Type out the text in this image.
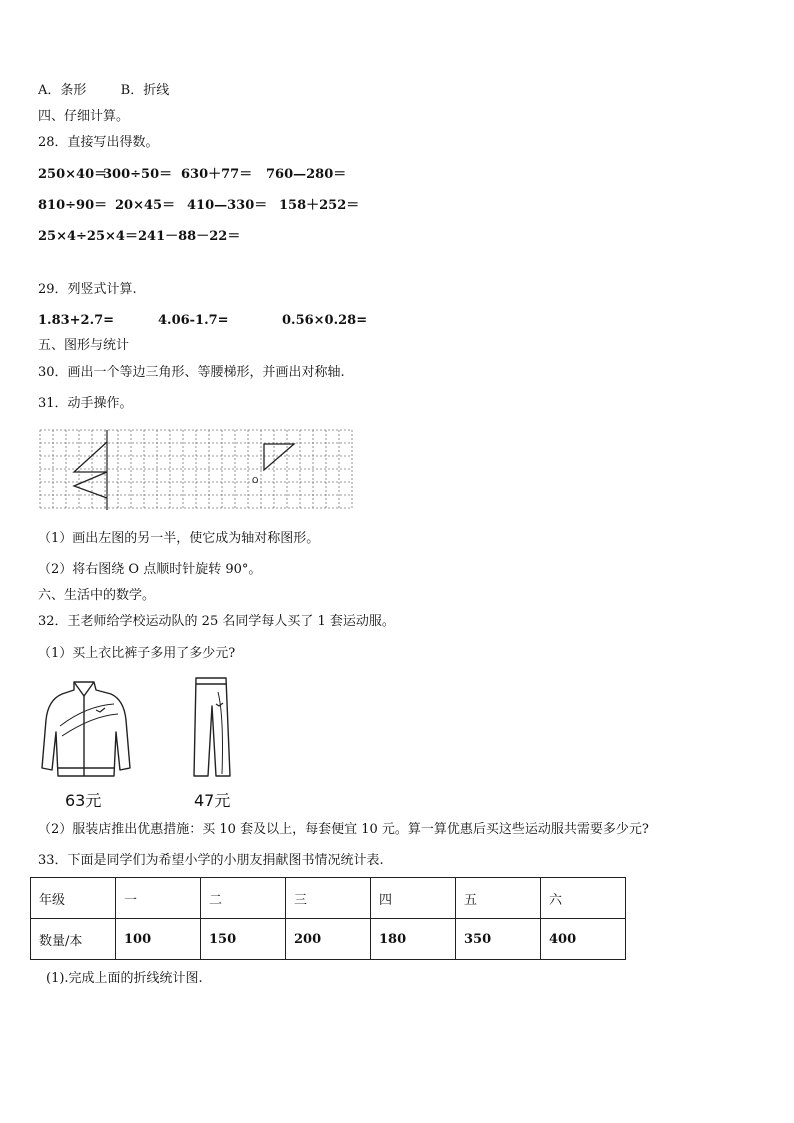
A．条形	B．折线
四、仔细计算。
28．直接写出得数。
250×40＝300÷50＝ 630＋77＝ 760—280＝
810÷90＝ 20×45＝ 410—330＝ 158＋252＝
25×4÷25×4＝241－88－22＝
29．列竖式计算.
1.83+2.7=	4.06-1.7=	0.56×0.28=
五、图形与统计
30．画出一个等边三角形、等腰梯形，并画出对称轴.
31．动手操作。
O
（1）画出左图的另一半，使它成为轴对称图形。
（2）将右图绕 O 点顺时针旋转 90°。
六、生活中的数学。
32．王老师给学校运动队的 25 名同学每人买了 1 套运动服。
（1）买上衣比裤子多用了多少元?
63元	47元
（2）服装店推出优惠措施：买 10 套及以上，每套便宜 10 元。算一算优惠后买这些运动服共需要多少元?
33．下面是同学们为希望小学的小朋友捐献图书情况统计表.
年级	一	二	三	四	五	六
数量/本	100	150	200	180	350	400
(1).完成上面的折线统计图.
